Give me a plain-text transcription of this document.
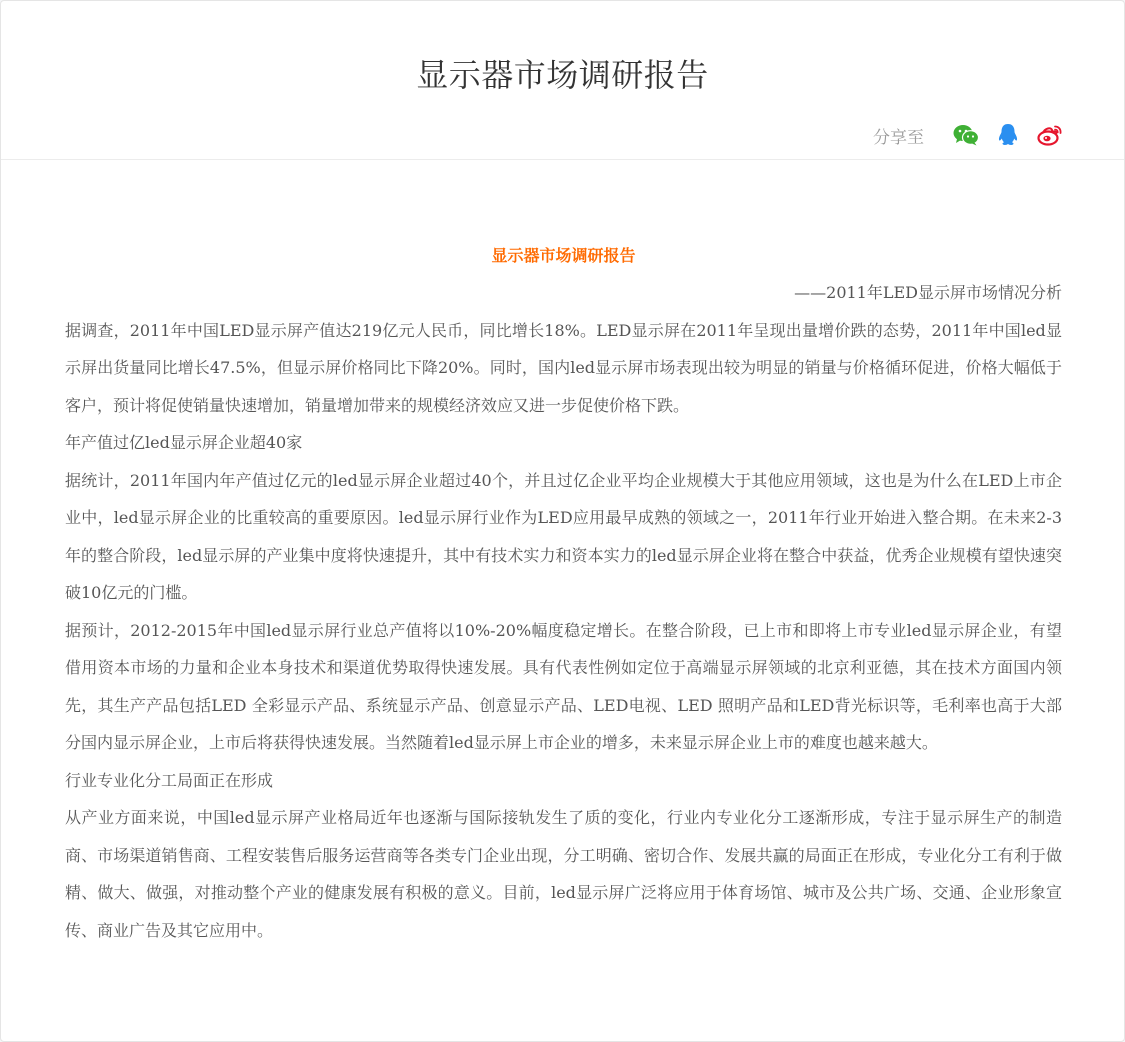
显示器市场调研报告
分享至
显示器市场调研报告
——2011年LED显示屏市场情况分析

据调查，2011年中国LED显示屏产值达219亿元人民币，同比增长18%。LED显示屏在2011年呈现出量增价跌的态势，2011年中国led显示屏出货量同比增长47.5%，但显示屏价格同比下降20%。同时，国内led显示屏市场表现出较为明显的销量与价格循环促进，价格大幅低于客户，预计将促使销量快速增加，销量增加带来的规模经济效应又进一步促使价格下跌。

年产值过亿led显示屏企业超40家

据统计，2011年国内年产值过亿元的led显示屏企业超过40个，并且过亿企业平均企业规模大于其他应用领域，这也是为什么在LED上市企业中，led显示屏企业的比重较高的重要原因。led显示屏行业作为LED应用最早成熟的领域之一，2011年行业开始进入整合期。在未来2-3年的整合阶段，led显示屏的产业集中度将快速提升，其中有技术实力和资本实力的led显示屏企业将在整合中获益，优秀企业规模有望快速突破10亿元的门槛。

据预计，2012-2015年中国led显示屏行业总产值将以10%-20%幅度稳定增长。在整合阶段，已上市和即将上市专业led显示屏企业，有望借用资本市场的力量和企业本身技术和渠道优势取得快速发展。具有代表性例如定位于高端显示屏领域的北京利亚德，其在技术方面国内领先，其生产产品包括LED 全彩显示产品、系统显示产品、创意显示产品、LED电视、LED 照明产品和LED背光标识等，毛利率也高于大部分国内显示屏企业，上市后将获得快速发展。当然随着led显示屏上市企业的增多，未来显示屏企业上市的难度也越来越大。

行业专业化分工局面正在形成

从产业方面来说，中国led显示屏产业格局近年也逐渐与国际接轨发生了质的变化，行业内专业化分工逐渐形成，专注于显示屏生产的制造商、市场渠道销售商、工程安装售后服务运营商等各类专门企业出现，分工明确、密切合作、发展共赢的局面正在形成，专业化分工有利于做精、做大、做强，对推动整个产业的健康发展有积极的意义。目前，led显示屏广泛将应用于体育场馆、城市及公共广场、交通、企业形象宣传、商业广告及其它应用中。
